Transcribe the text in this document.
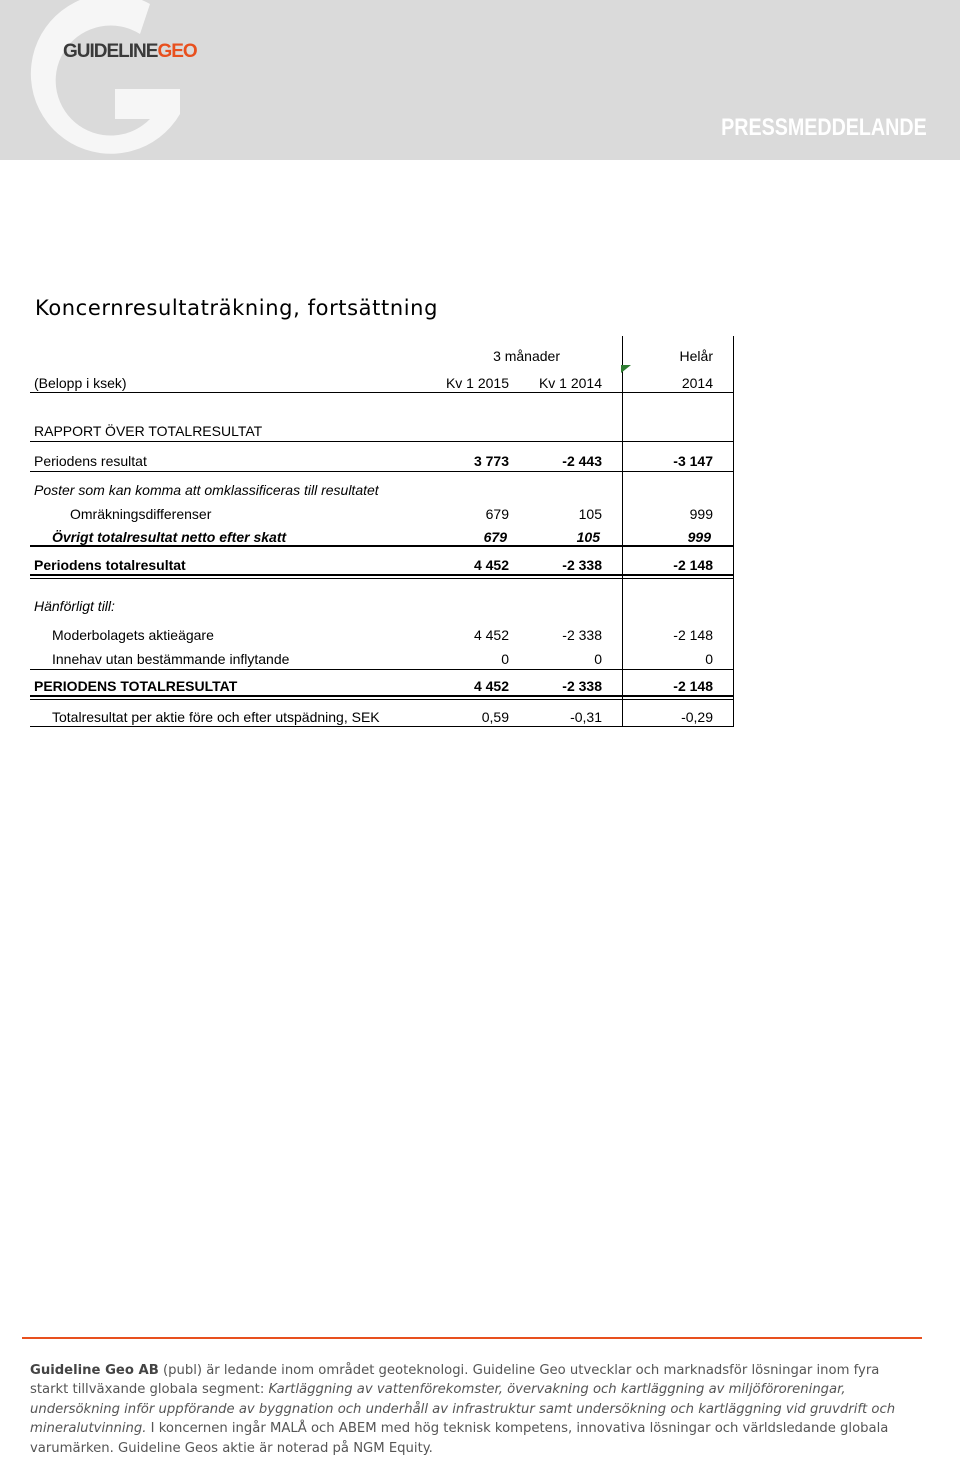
GUIDELINEGEO
PRESSMEDDELANDE
Koncernresultaträkning, fortsättning
3 månader	Helår
(Belopp i ksek)	Kv 1 2015	Kv 1 2014	2014
RAPPORT ÖVER TOTALRESULTAT
Periodens resultat	3 773	-2 443	-3 147
Poster som kan komma att omklassificeras till resultatet
Omräkningsdifferenser	679	105	999
Övrigt totalresultat netto efter skatt	679	105	999
Periodens totalresultat	4 452	-2 338	-2 148
Hänförligt till:
Moderbolagets aktieägare	4 452	-2 338	-2 148
Innehav utan bestämmande inflytande	0	0	0
PERIODENS TOTALRESULTAT	4 452	-2 338	-2 148
Totalresultat per aktie före och efter utspädning, SEK	0,59	-0,31	-0,29
Guideline Geo AB (publ) är ledande inom området geoteknologi. Guideline Geo utvecklar och marknadsför lösningar inom fyra starkt tillväxande globala segment: Kartläggning av vattenförekomster, övervakning och kartläggning av miljöföroreningar, undersökning inför uppförande av byggnation och underhåll av infrastruktur samt undersökning och kartläggning vid gruvdrift och mineralutvinning. I koncernen ingår MALÅ och ABEM med hög teknisk kompetens, innovativa lösningar och världsledande globala varumärken. Guideline Geos aktie är noterad på NGM Equity.
